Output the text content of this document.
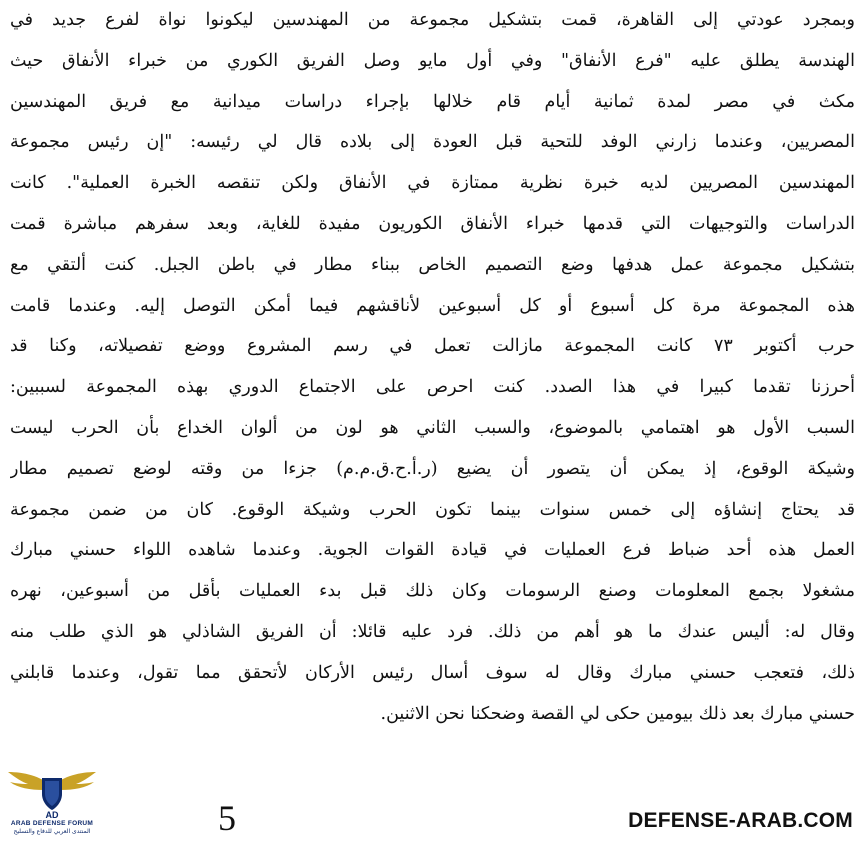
وبمجرد عودتي إلى القاهرة، قمت بتشكيل مجموعة من المهندسين ليكونوا نواة لفرع جديد في
الهندسة يطلق عليه "فرع الأنفاق" وفي أول مايو وصل الفريق الكوري من خبراء الأنفاق حيث
مكث في مصر لمدة ثمانية أيام قام خلالها بإجراء دراسات ميدانية مع فريق المهندسين
المصريين، وعندما زارني الوفد للتحية قبل العودة إلى بلاده قال لي رئيسه: "إن رئيس مجموعة
المهندسين المصريين لديه خبرة نظرية ممتازة في الأنفاق ولكن تنقصه الخبرة العملية". كانت
الدراسات والتوجيهات التي قدمها خبراء الأنفاق الكوريون مفيدة للغاية، وبعد سفرهم مباشرة قمت
بتشكيل مجموعة عمل هدفها وضع التصميم الخاص ببناء مطار في باطن الجبل. كنت ألتقي مع
هذه المجموعة مرة كل أسبوع أو كل أسبوعين لأناقشهم فيما أمكن التوصل إليه. وعندما قامت
حرب أكتوبر ٧٣ كانت المجموعة مازالت تعمل في رسم المشروع ووضع تفصيلاته، وكنا قد
أحرزنا تقدما كبيرا في هذا الصدد. كنت احرص على الاجتماع الدوري بهذه المجموعة لسببين:
السبب الأول هو اهتمامي بالموضوع، والسبب الثاني هو لون من ألوان الخداع بأن الحرب ليست
وشيكة الوقوع، إذ يمكن أن يتصور أن يضيع (ر.أ.ح.ق.م.م) جزءا من وقته لوضع تصميم مطار
قد يحتاج إنشاؤه إلى خمس سنوات بينما تكون الحرب وشيكة الوقوع. كان من ضمن مجموعة
العمل هذه أحد ضباط فرع العمليات في قيادة القوات الجوية. وعندما شاهده اللواء حسني مبارك
مشغولا بجمع المعلومات وصنع الرسومات وكان ذلك قبل بدء العمليات بأقل من أسبوعين، نهره
وقال له: أليس عندك ما هو أهم من ذلك. فرد عليه قائلا: أن الفريق الشاذلي هو الذي طلب منه
ذلك، فتعجب حسني مبارك وقال له سوف أسال رئيس الأركان لأتحقق مما تقول، وعندما قابلني
حسني مبارك بعد ذلك بيومين حكى لي القصة وضحكنا نحن الاثنين.
AD
ARAB DEFENSE FORUM
المنتدى العربي للدفاع والتسليح	5	DEFENSE-ARAB.COM
